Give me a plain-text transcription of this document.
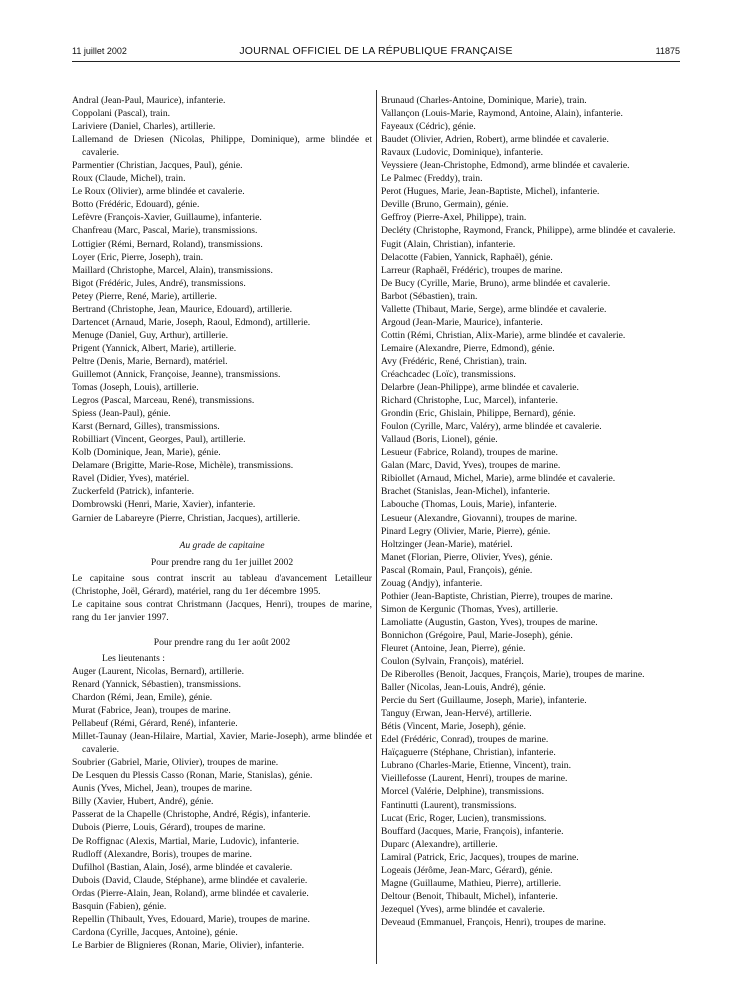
11 juillet 2002	JOURNAL OFFICIEL DE LA RÉPUBLIQUE FRANÇAISE	11875
Andral (Jean-Paul, Maurice), infanterie.
Coppolani (Pascal), train.
Lariviere (Daniel, Charles), artillerie.
Lallemand de Driesen (Nicolas, Philippe, Dominique), arme blindée et cavalerie.
Parmentier (Christian, Jacques, Paul), génie.
Roux (Claude, Michel), train.
Le Roux (Olivier), arme blindée et cavalerie.
Botto (Frédéric, Edouard), génie.
Lefèvre (François-Xavier, Guillaume), infanterie.
Chanfreau (Marc, Pascal, Marie), transmissions.
Lottigier (Rémi, Bernard, Roland), transmissions.
Loyer (Eric, Pierre, Joseph), train.
Maillard (Christophe, Marcel, Alain), transmissions.
Bigot (Frédéric, Jules, André), transmissions.
Petey (Pierre, René, Marie), artillerie.
Bertrand (Christophe, Jean, Maurice, Edouard), artillerie.
Dartencet (Arnaud, Marie, Joseph, Raoul, Edmond), artillerie.
Menuge (Daniel, Guy, Arthur), artillerie.
Prigent (Yannick, Albert, Marie), artillerie.
Peltre (Denis, Marie, Bernard), matériel.
Guillemot (Annick, Françoise, Jeanne), transmissions.
Tomas (Joseph, Louis), artillerie.
Legros (Pascal, Marceau, René), transmissions.
Spiess (Jean-Paul), génie.
Karst (Bernard, Gilles), transmissions.
Robilliart (Vincent, Georges, Paul), artillerie.
Kolb (Dominique, Jean, Marie), génie.
Delamare (Brigitte, Marie-Rose, Michèle), transmissions.
Ravel (Didier, Yves), matériel.
Zuckerfeld (Patrick), infanterie.
Dombrowski (Henri, Marie, Xavier), infanterie.
Garnier de Labareyre (Pierre, Christian, Jacques), artillerie.
Au grade de capitaine
Pour prendre rang du 1er juillet 2002
Le capitaine sous contrat inscrit au tableau d'avancement Letailleur (Christophe, Joël, Gérard), matériel, rang du 1er décembre 1995.
Le capitaine sous contrat Christmann (Jacques, Henri), troupes de marine, rang du 1er janvier 1997.
Pour prendre rang du 1er août 2002
Les lieutenants :
Auger (Laurent, Nicolas, Bernard), artillerie.
Renard (Yannick, Sébastien), transmissions.
Chardon (Rémi, Jean, Emile), génie.
Murat (Fabrice, Jean), troupes de marine.
Pellabeuf (Rémi, Gérard, René), infanterie.
Millet-Taunay (Jean-Hilaire, Martial, Xavier, Marie-Joseph), arme blindée et cavalerie.
Soubrier (Gabriel, Marie, Olivier), troupes de marine.
De Lesquen du Plessis Casso (Ronan, Marie, Stanislas), génie.
Aunis (Yves, Michel, Jean), troupes de marine.
Billy (Xavier, Hubert, André), génie.
Passerat de la Chapelle (Christophe, André, Régis), infanterie.
Dubois (Pierre, Louis, Gérard), troupes de marine.
De Roffignac (Alexis, Martial, Marie, Ludovic), infanterie.
Rudloff (Alexandre, Boris), troupes de marine.
Dufilhol (Bastian, Alain, José), arme blindée et cavalerie.
Dubois (David, Claude, Stéphane), arme blindée et cavalerie.
Ordas (Pierre-Alain, Jean, Roland), arme blindée et cavalerie.
Basquin (Fabien), génie.
Repellin (Thibault, Yves, Edouard, Marie), troupes de marine.
Cardona (Cyrille, Jacques, Antoine), génie.
Le Barbier de Blignieres (Ronan, Marie, Olivier), infanterie.
Brunaud (Charles-Antoine, Dominique, Marie), train.
Vallançon (Louis-Marie, Raymond, Antoine, Alain), infanterie.
Fayeaux (Cédric), génie.
Baudet (Olivier, Adrien, Robert), arme blindée et cavalerie.
Ravaux (Ludovic, Dominique), infanterie.
Veyssiere (Jean-Christophe, Edmond), arme blindée et cavalerie.
Le Palmec (Freddy), train.
Perot (Hugues, Marie, Jean-Baptiste, Michel), infanterie.
Deville (Bruno, Germain), génie.
Geffroy (Pierre-Axel, Philippe), train.
Decléty (Christophe, Raymond, Franck, Philippe), arme blindée et cavalerie.
Fugit (Alain, Christian), infanterie.
Delacotte (Fabien, Yannick, Raphaël), génie.
Larreur (Raphaël, Frédéric), troupes de marine.
De Bucy (Cyrille, Marie, Bruno), arme blindée et cavalerie.
Barbot (Sébastien), train.
Vallette (Thibaut, Marie, Serge), arme blindée et cavalerie.
Argoud (Jean-Marie, Maurice), infanterie.
Cottin (Rémi, Christian, Alix-Marie), arme blindée et cavalerie.
Lemaire (Alexandre, Pierre, Edmond), génie.
Avy (Frédéric, René, Christian), train.
Créachcadec (Loïc), transmissions.
Delarbre (Jean-Philippe), arme blindée et cavalerie.
Richard (Christophe, Luc, Marcel), infanterie.
Grondin (Eric, Ghislain, Philippe, Bernard), génie.
Foulon (Cyrille, Marc, Valéry), arme blindée et cavalerie.
Vallaud (Boris, Lionel), génie.
Lesueur (Fabrice, Roland), troupes de marine.
Galan (Marc, David, Yves), troupes de marine.
Ribiollet (Arnaud, Michel, Marie), arme blindée et cavalerie.
Brachet (Stanislas, Jean-Michel), infanterie.
Labouche (Thomas, Louis, Marie), infanterie.
Lesueur (Alexandre, Giovanni), troupes de marine.
Pinard Legry (Olivier, Marie, Pierre), génie.
Holtzinger (Jean-Marie), matériel.
Manet (Florian, Pierre, Olivier, Yves), génie.
Pascal (Romain, Paul, François), génie.
Zouag (Andjy), infanterie.
Pothier (Jean-Baptiste, Christian, Pierre), troupes de marine.
Simon de Kergunic (Thomas, Yves), artillerie.
Lamoliatte (Augustin, Gaston, Yves), troupes de marine.
Bonnichon (Grégoire, Paul, Marie-Joseph), génie.
Fleuret (Antoine, Jean, Pierre), génie.
Coulon (Sylvain, François), matériel.
De Riberolles (Benoit, Jacques, François, Marie), troupes de marine.
Baller (Nicolas, Jean-Louis, André), génie.
Percie du Sert (Guillaume, Joseph, Marie), infanterie.
Tanguy (Erwan, Jean-Hervé), artillerie.
Bétis (Vincent, Marie, Joseph), génie.
Edel (Frédéric, Conrad), troupes de marine.
Haïçaguerre (Stéphane, Christian), infanterie.
Lubrano (Charles-Marie, Etienne, Vincent), train.
Vieillefosse (Laurent, Henri), troupes de marine.
Morcel (Valérie, Delphine), transmissions.
Fantinutti (Laurent), transmissions.
Lucat (Eric, Roger, Lucien), transmissions.
Bouffard (Jacques, Marie, François), infanterie.
Duparc (Alexandre), artillerie.
Lamiral (Patrick, Eric, Jacques), troupes de marine.
Logeais (Jérôme, Jean-Marc, Gérard), génie.
Magne (Guillaume, Mathieu, Pierre), artillerie.
Deltour (Benoit, Thibault, Michel), infanterie.
Jezequel (Yves), arme blindée et cavalerie.
Deveaud (Emmanuel, François, Henri), troupes de marine.
